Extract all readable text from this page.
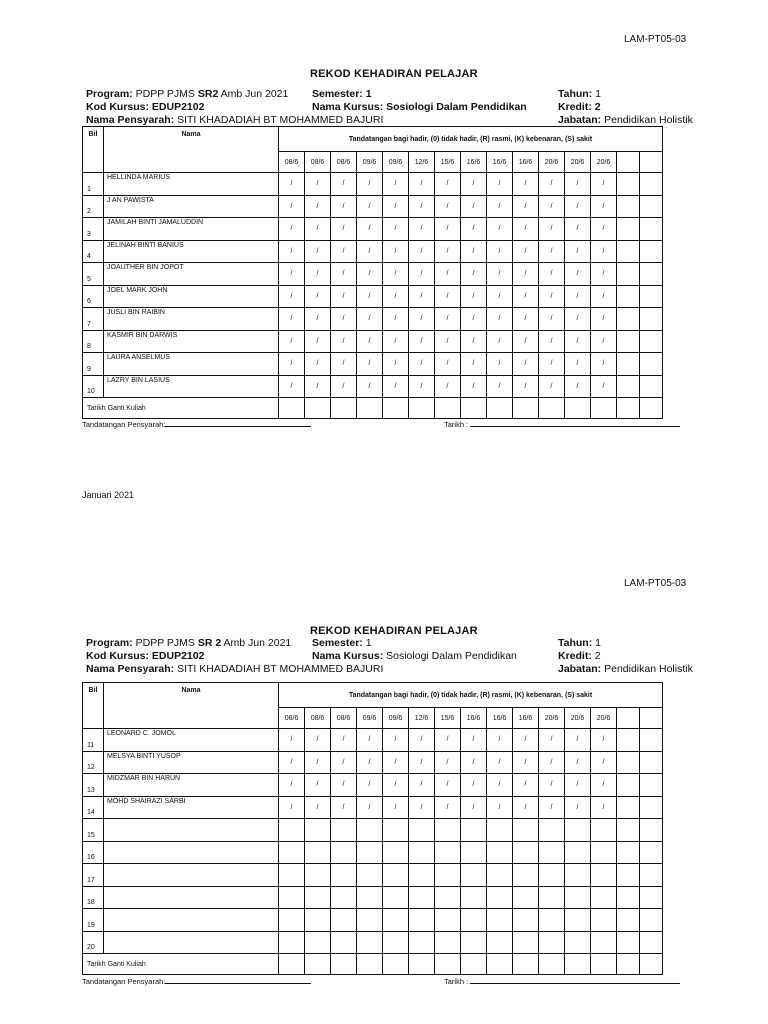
LAM-PT05-03
REKOD KEHADIRAN PELAJAR
Program: PDPP PJMS SR2 Amb Jun 2021 Semester: 1	Tahun: 1
Kod Kursus: EDUP2102	Nama Kursus: Sosiologi Dalam Pendidikan	Kredit: 2
Nama Pensyarah: SITI KHADADIAH BT MOHAMMED BAJURI	Jabatan: Pendidikan Holistik
Bil	Nama	Tandatangan bagi hadir, (0) tidak hadir, (R) rasmi, (K) kebenaran, (S) sakit														
		08/6	08/6	08/6	09/6	09/6	12/6	15/6	16/6	16/6	16/6	20/6	20/6	20/6		
1	HELLINDA MARIUS	/	/	/	/	/	/	/	/	/	/	/	/	/		
2	J AN PAWISTA	/	/	/	/	/	/	/	/	/	/	/	/	/		
3	JAMILAH BINTI JAMALUDDIN	/	/	/	/	/	/	/	/	/	/	/	/	/		
4	JELINAH BINTI BANIUS	/	/	/	/	/	/	/	/	/	/	/	/	/		
5	JOAUTHER BIN JOPOT	/	/	/	/	/	/	/	/	/	/	/	/	/		
6	JOEL MARK JOHN	/	/	/	/	/	/	/	/	/	/	/	/	/		
7	JUSLI BIN RAIBIN	/	/	/	/	/	/	/	/	/	/	/	/	/		
8	KASMIR BIN DARWIS	/	/	/	/	/	/	/	/	/	/	/	/	/		
9	LAURA ANSELMUS	/	/	/	/	/	/	/	/	/	/	/	/	/		
10	LAZRY BIN LASIUS	/	/	/	/	/	/	/	/	/	/	/	/	/		
Tarikh Ganti Kuliah																
Tandatangan Pensyarah:	Tarikh :
Januari 2021
LAM-PT05-03
REKOD KEHADIRAN PELAJAR
Program: PDPP PJMS SR 2 Amb Jun 2021 Semester: 1	Tahun: 1
Kod Kursus: EDUP2102	Nama Kursus: Sosiologi Dalam Pendidikan	Kredit: 2
Nama Pensyarah: SITI KHADADIAH BT MOHAMMED BAJURI	Jabatan: Pendidikan Holistik
Bil	Nama	Tandatangan bagi hadir, (0) tidak hadir, (R) rasmi, (K) kebenaran, (S) sakit														
		08/6	08/6	08/6	09/6	09/6	12/6	15/6	16/6	16/6	16/6	20/6	20/6	20/6		
11	LEONARD C. JOMOL	/	/	/	/	/	/	/	/	/	/	/	/	/		
12	MELSYA BINTI YUSOP	/	/	/	/	/	/	/	/	/	/	/	/	/		
13	MIDZMAR BIN HARUN	/	/	/	/	/	/	/	/	/	/	/	/	/		
14	MOHD SHAIRAZI SARBI	/	/	/	/	/	/	/	/	/	/	/	/	/		
15																
16																
17																
18																
19																
20																
Tarikh Ganti Kuliah																
Tandatangan Pensyarah:	Tarikh :
